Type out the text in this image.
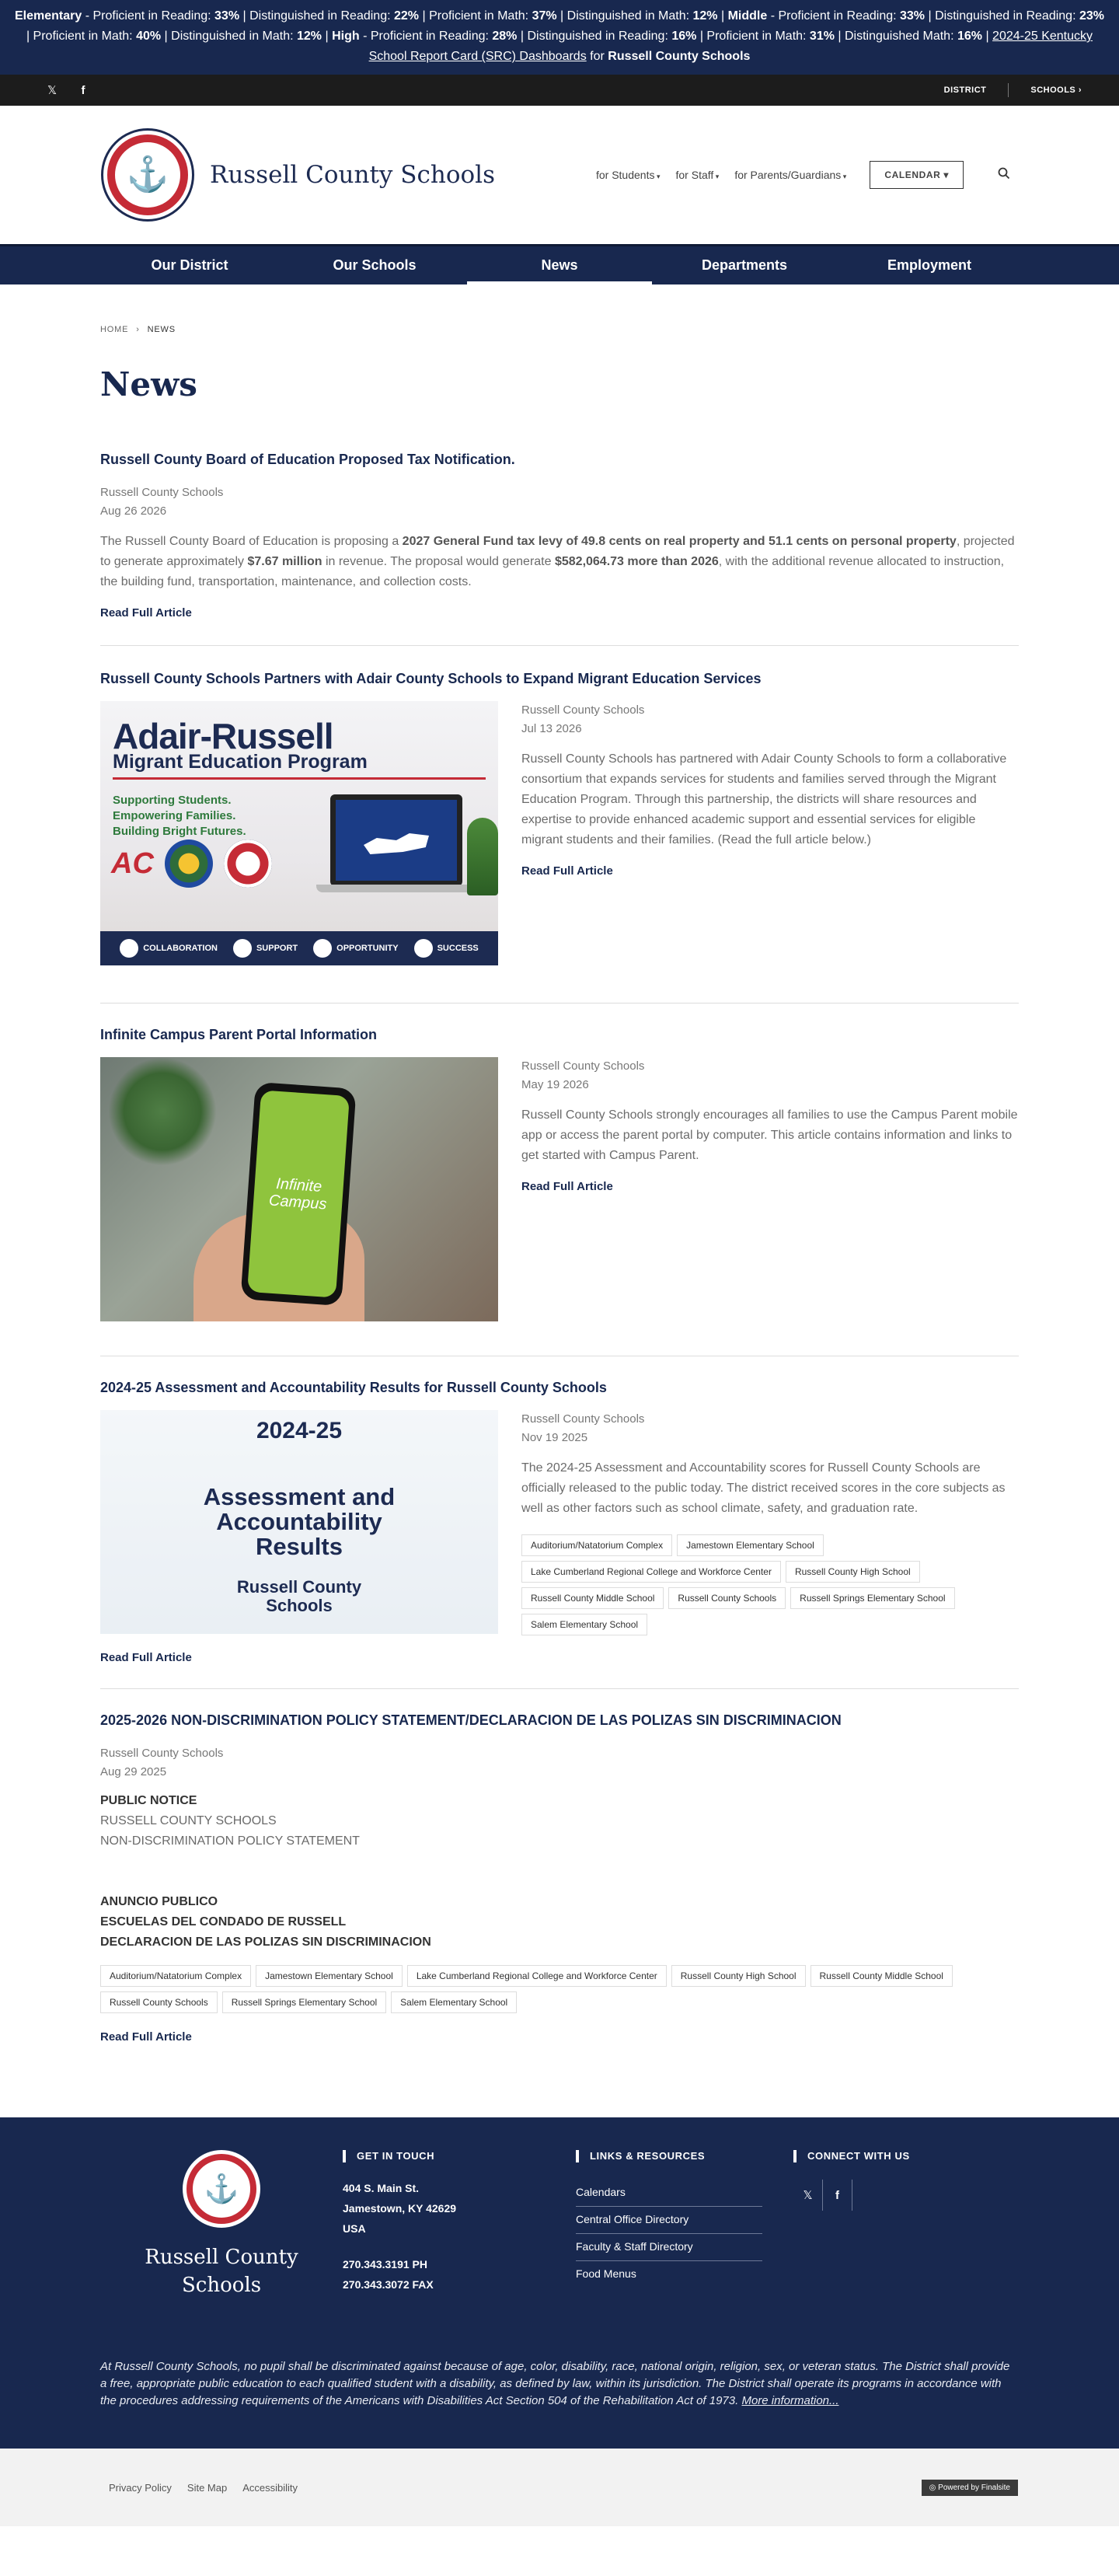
Elementary - Proficient in Reading: 33% | Distinguished in Reading: 22% | Proficient in Math: 37% | Distinguished in Math: 12% | Middle - Proficient in Reading: 33% | Distinguished in Reading: 23% | Proficient in Math: 40% | Distinguished in Math: 12% | High - Proficient in Reading: 28% | Distinguished in Reading: 16% | Proficient in Math: 31% | Distinguished Math: 16% | 2024-25 Kentucky School Report Card (SRC) Dashboards for Russell County Schools
𝕏	f	DISTRICT	SCHOOLS ›
⚓ Russell County Schools	for Students ▾	for Staff ▾	for Parents/Guardians ▾	CALENDAR ▾
Our District	Our Schools	News	Departments	Employment
HOME › NEWS
News
Russell County Board of Education Proposed Tax Notification.
Russell County Schools
Aug 26 2026

The Russell County Board of Education is proposing a 2027 General Fund tax levy of 49.8 cents on real property and 51.1 cents on personal property, projected to generate approximately $7.67 million in revenue. The proposal would generate $582,064.73 more than 2026, with the additional revenue allocated to instruction, the building fund, transportation, maintenance, and collection costs.

Read Full Article
Russell County Schools Partners with Adair County Schools to Expand Migrant Education Services
Adair-Russell
Migrant Education Program
Supporting Students.
Empowering Families.
Building Bright Futures.
AC
COLLABORATION	SUPPORT	OPPORTUNITY	SUCCESS
Russell County Schools
Jul 13 2026

Russell County Schools has partnered with Adair County Schools to form a collaborative consortium that expands services for students and families served through the Migrant Education Program. Through this partnership, the districts will share resources and expertise to provide enhanced academic support and essential services for eligible migrant students and their families. (Read the full article below.)

Read Full Article
Infinite Campus Parent Portal Information
Infinite
Campus
Russell County Schools
May 19 2026

Russell County Schools strongly encourages all families to use the Campus Parent mobile app or access the parent portal by computer. This article contains information and links to get started with Campus Parent.

Read Full Article
2024-25 Assessment and Accountability Results for Russell County Schools
2024-25
Assessment and
Accountability
Results
Russell County
Schools
Russell County Schools
Nov 19 2025

The 2024-25 Assessment and Accountability scores for Russell County Schools are officially released to the public today. The district received scores in the core subjects as well as other factors such as school climate, safety, and graduation rate.

Auditorium/Natatorium Complex	Jamestown Elementary School
Lake Cumberland Regional College and Workforce Center	Russell County High School
Russell County Middle School	Russell County Schools	Russell Springs Elementary School
Salem Elementary School
Read Full Article
2025-2026 NON-DISCRIMINATION POLICY STATEMENT/DECLARACION DE LAS POLIZAS SIN DISCRIMINACION
Russell County Schools
Aug 29 2025
PUBLIC NOTICE
RUSSELL COUNTY SCHOOLS
NON-DISCRIMINATION POLICY STATEMENT
ANUNCIO PUBLICO
ESCUELAS DEL CONDADO DE RUSSELL
DECLARACION DE LAS POLIZAS SIN DISCRIMINACION
Auditorium/Natatorium Complex	Jamestown Elementary School	Lake Cumberland Regional College and Workforce Center	Russell County High School	Russell County Middle School
Russell County Schools	Russell Springs Elementary School	Salem Elementary School
Read Full Article
⚓
Russell County
Schools
GET IN TOUCH
404 S. Main St.
Jamestown, KY 42629
USA
270.343.3191 PH
270.343.3072 FAX
LINKS & RESOURCES
Calendars
Central Office Directory
Faculty & Staff Directory
Food Menus
CONNECT WITH US
𝕏	f

At Russell County Schools, no pupil shall be discriminated against because of age, color, disability, race, national origin, religion, sex, or veteran status. The District shall provide a free, appropriate public education to each qualified student with a disability, as defined by law, within its jurisdiction. The District shall operate its programs in accordance with the procedures addressing requirements of the Americans with Disabilities Act Section 504 of the Rehabilitation Act of 1973. More information...

Privacy Policy Site Map Accessibility	◎ Powered by Finalsite
